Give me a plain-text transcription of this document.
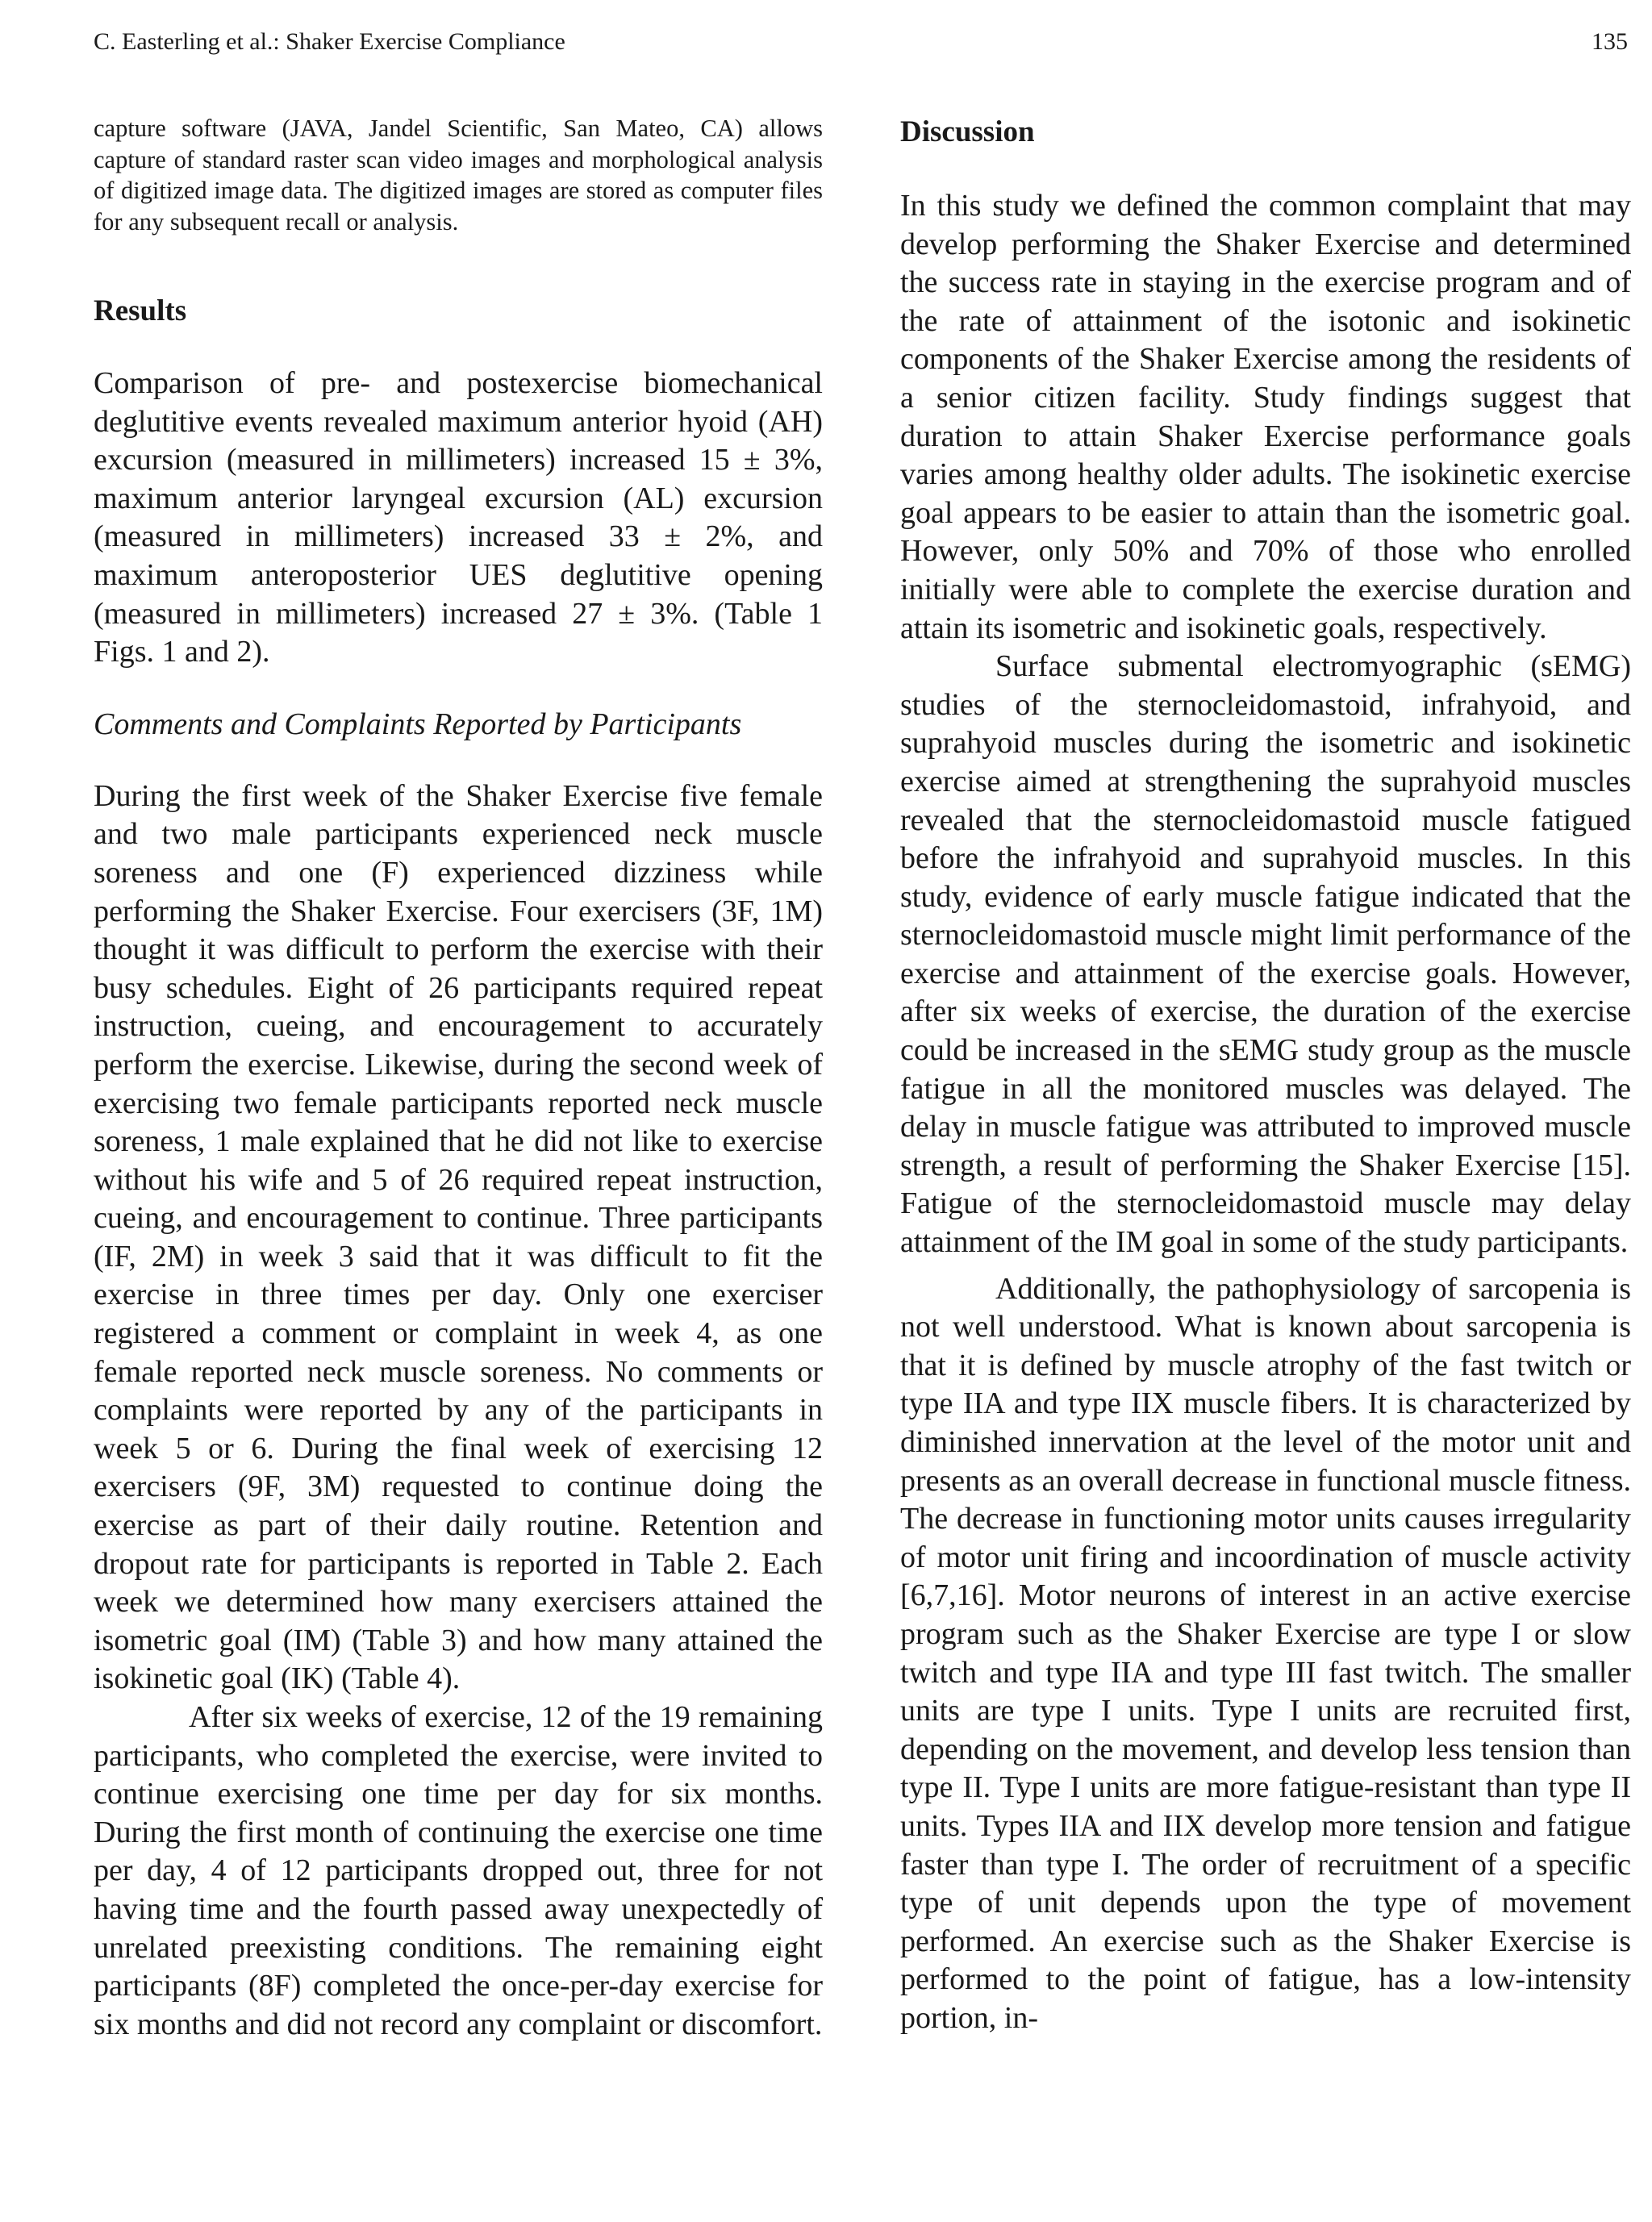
C. Easterling et al.: Shaker Exercise Compliance	135

capture software (JAVA, Jandel Scientific, San Mateo, CA) allows capture of standard raster scan video images and morphological analysis of digitized image data. The digitized images are stored as computer files for any subsequent recall or analysis.

Results

Comparison of pre- and postexercise biomechanical deglutitive events revealed maximum anterior hyoid (AH) excursion (measured in millimeters) increased 15 ± 3%, maximum anterior laryngeal excursion (AL) excursion (measured in millimeters) increased 33 ± 2%, and maximum anteroposterior UES deglutitive opening (measured in millimeters) increased 27 ± 3%. (Table 1 Figs. 1 and 2).

Comments and Complaints Reported by Participants

During the first week of the Shaker Exercise five female and two male participants experienced neck muscle soreness and one (F) experienced dizziness while performing the Shaker Exercise. Four exercisers (3F, 1M) thought it was difficult to perform the exercise with their busy schedules. Eight of 26 participants required repeat instruction, cueing, and encouragement to accurately perform the exercise. Likewise, during the second week of exercising two female participants reported neck muscle soreness, 1 male explained that he did not like to exercise without his wife and 5 of 26 required repeat instruction, cueing, and encouragement to continue. Three participants (IF, 2M) in week 3 said that it was difficult to fit the exercise in three times per day. Only one exerciser registered a comment or complaint in week 4, as one female reported neck muscle soreness. No comments or complaints were reported by any of the participants in week 5 or 6. During the final week of exercising 12 exercisers (9F, 3M) requested to continue doing the exercise as part of their daily routine. Retention and dropout rate for participants is reported in Table 2. Each week we determined how many exercisers attained the isometric goal (IM) (Table 3) and how many attained the isokinetic goal (IK) (Table 4).

After six weeks of exercise, 12 of the 19 remaining participants, who completed the exercise, were invited to continue exercising one time per day for six months. During the first month of continuing the exercise one time per day, 4 of 12 participants dropped out, three for not having time and the fourth passed away unexpectedly of unrelated preexisting conditions. The remaining eight participants (8F) completed the once-per-day exercise for six months and did not record any complaint or discomfort.

Discussion

In this study we defined the common complaint that may develop performing the Shaker Exercise and determined the success rate in staying in the exercise program and of the rate of attainment of the isotonic and isokinetic components of the Shaker Exercise among the residents of a senior citizen facility. Study findings suggest that duration to attain Shaker Exercise performance goals varies among healthy older adults. The isokinetic exercise goal appears to be easier to attain than the isometric goal. However, only 50% and 70% of those who enrolled initially were able to complete the exercise duration and attain its isometric and isokinetic goals, respectively.

Surface submental electromyographic (sEMG) studies of the sternocleidomastoid, infrahyoid, and suprahyoid muscles during the isometric and isokinetic exercise aimed at strengthening the suprahyoid muscles revealed that the sternocleidomastoid muscle fatigued before the infrahyoid and suprahyoid muscles. In this study, evidence of early muscle fatigue indicated that the sternocleidomastoid muscle might limit performance of the exercise and attainment of the exercise goals. However, after six weeks of exercise, the duration of the exercise could be increased in the sEMG study group as the muscle fatigue in all the monitored muscles was delayed. The delay in muscle fatigue was attributed to improved muscle strength, a result of performing the Shaker Exercise [15]. Fatigue of the sternocleidomastoid muscle may delay attainment of the IM goal in some of the study participants.

Additionally, the pathophysiology of sarcopenia is not well understood. What is known about sarcopenia is that it is defined by muscle atrophy of the fast twitch or type IIA and type IIX muscle fibers. It is characterized by diminished innervation at the level of the motor unit and presents as an overall decrease in functional muscle fitness. The decrease in functioning motor units causes irregularity of motor unit firing and incoordination of muscle activity [6,7,16]. Motor neurons of interest in an active exercise program such as the Shaker Exercise are type I or slow twitch and type IIA and type III fast twitch. The smaller units are type I units. Type I units are recruited first, depending on the movement, and develop less tension than type II. Type I units are more fatigue-resistant than type II units. Types IIA and IIX develop more tension and fatigue faster than type I. The order of recruitment of a specific type of unit depends upon the type of movement performed. An exercise such as the Shaker Exercise is performed to the point of fatigue, has a low-intensity portion, in-
